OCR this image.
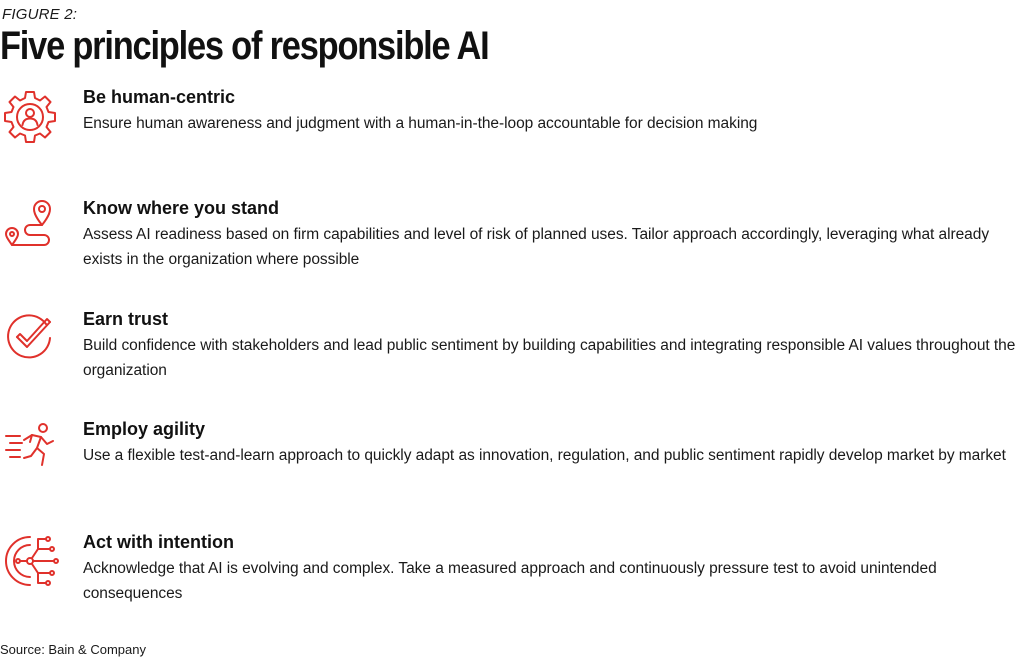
FIGURE 2:
Five principles of responsible AI
Be human-centric

Ensure human awareness and judgment with a human-in-the-loop accountable for decision making

Know where you stand

Assess AI readiness based on firm capabilities and level of risk of planned uses. Tailor approach accordingly, leveraging what already exists in the organization where possible

Earn trust

Build confidence with stakeholders and lead public sentiment by building capabilities and integrating responsible AI values throughout the organization

Employ agility

Use a flexible test-and-learn approach to quickly adapt as innovation, regulation, and public sentiment rapidly develop market by market

Act with intention

Acknowledge that AI is evolving and complex. Take a measured approach and continuously pressure test to avoid unintended consequences

Source: Bain & Company
